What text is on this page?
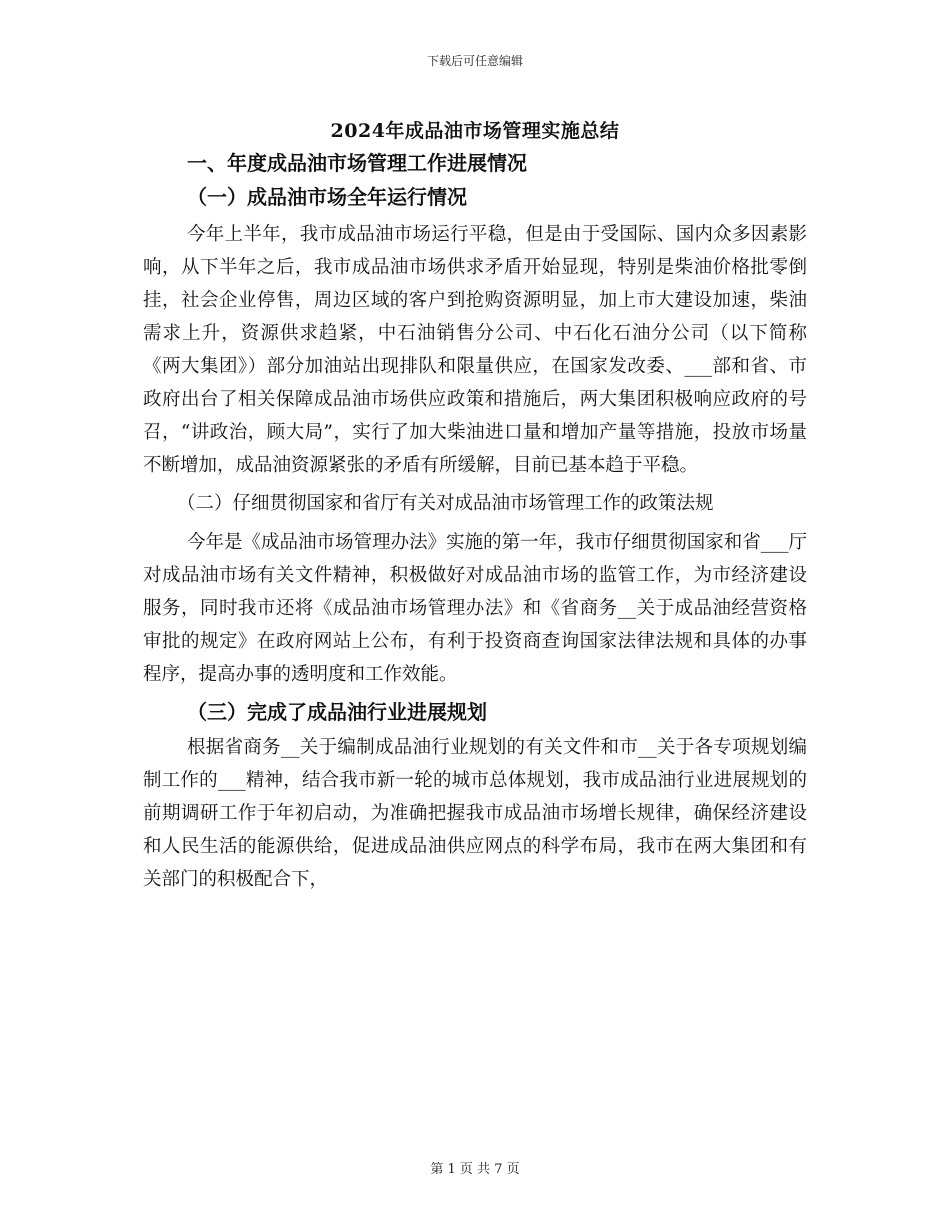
下载后可任意编辑
2024年成品油市场管理实施总结
一、年度成品油市场管理工作进展情况
（一）成品油市场全年运行情况

今年上半年，我市成品油市场运行平稳，但是由于受国际、国内众多因素影响，从下半年之后，我市成品油市场供求矛盾开始显现，特别是柴油价格批零倒挂，社会企业停售，周边区域的客户到抢购资源明显，加上市大建设加速，柴油需求上升，资源供求趋紧，中石油销售分公司、中石化石油分公司（以下简称《两大集团》）部分加油站出现排队和限量供应，在国家发改委、___部和省、市政府出台了相关保障成品油市场供应政策和措施后，两大集团积极响应政府的号召，“讲政治，顾大局”，实行了加大柴油进口量和增加产量等措施，投放市场量不断增加，成品油资源紧张的矛盾有所缓解，目前已基本趋于平稳。

（二）仔细贯彻国家和省厅有关对成品油市场管理工作的政策法规

今年是《成品油市场管理办法》实施的第一年，我市仔细贯彻国家和省___厅对成品油市场有关文件精神，积极做好对成品油市场的监管工作，为市经济建设服务，同时我市还将《成品油市场管理办法》和《省商务__关于成品油经营资格审批的规定》在政府网站上公布，有利于投资商查询国家法律法规和具体的办事程序，提高办事的透明度和工作效能。

（三）完成了成品油行业进展规划

根据省商务__关于编制成品油行业规划的有关文件和市__关于各专项规划编制工作的___精神，结合我市新一轮的城市总体规划，我市成品油行业进展规划的前期调研工作于年初启动，为准确把握我市成品油市场增长规律，确保经济建设和人民生活的能源供给，促进成品油供应网点的科学布局，我市在两大集团和有关部门的积极配合下，

第 1 页 共 7 页
